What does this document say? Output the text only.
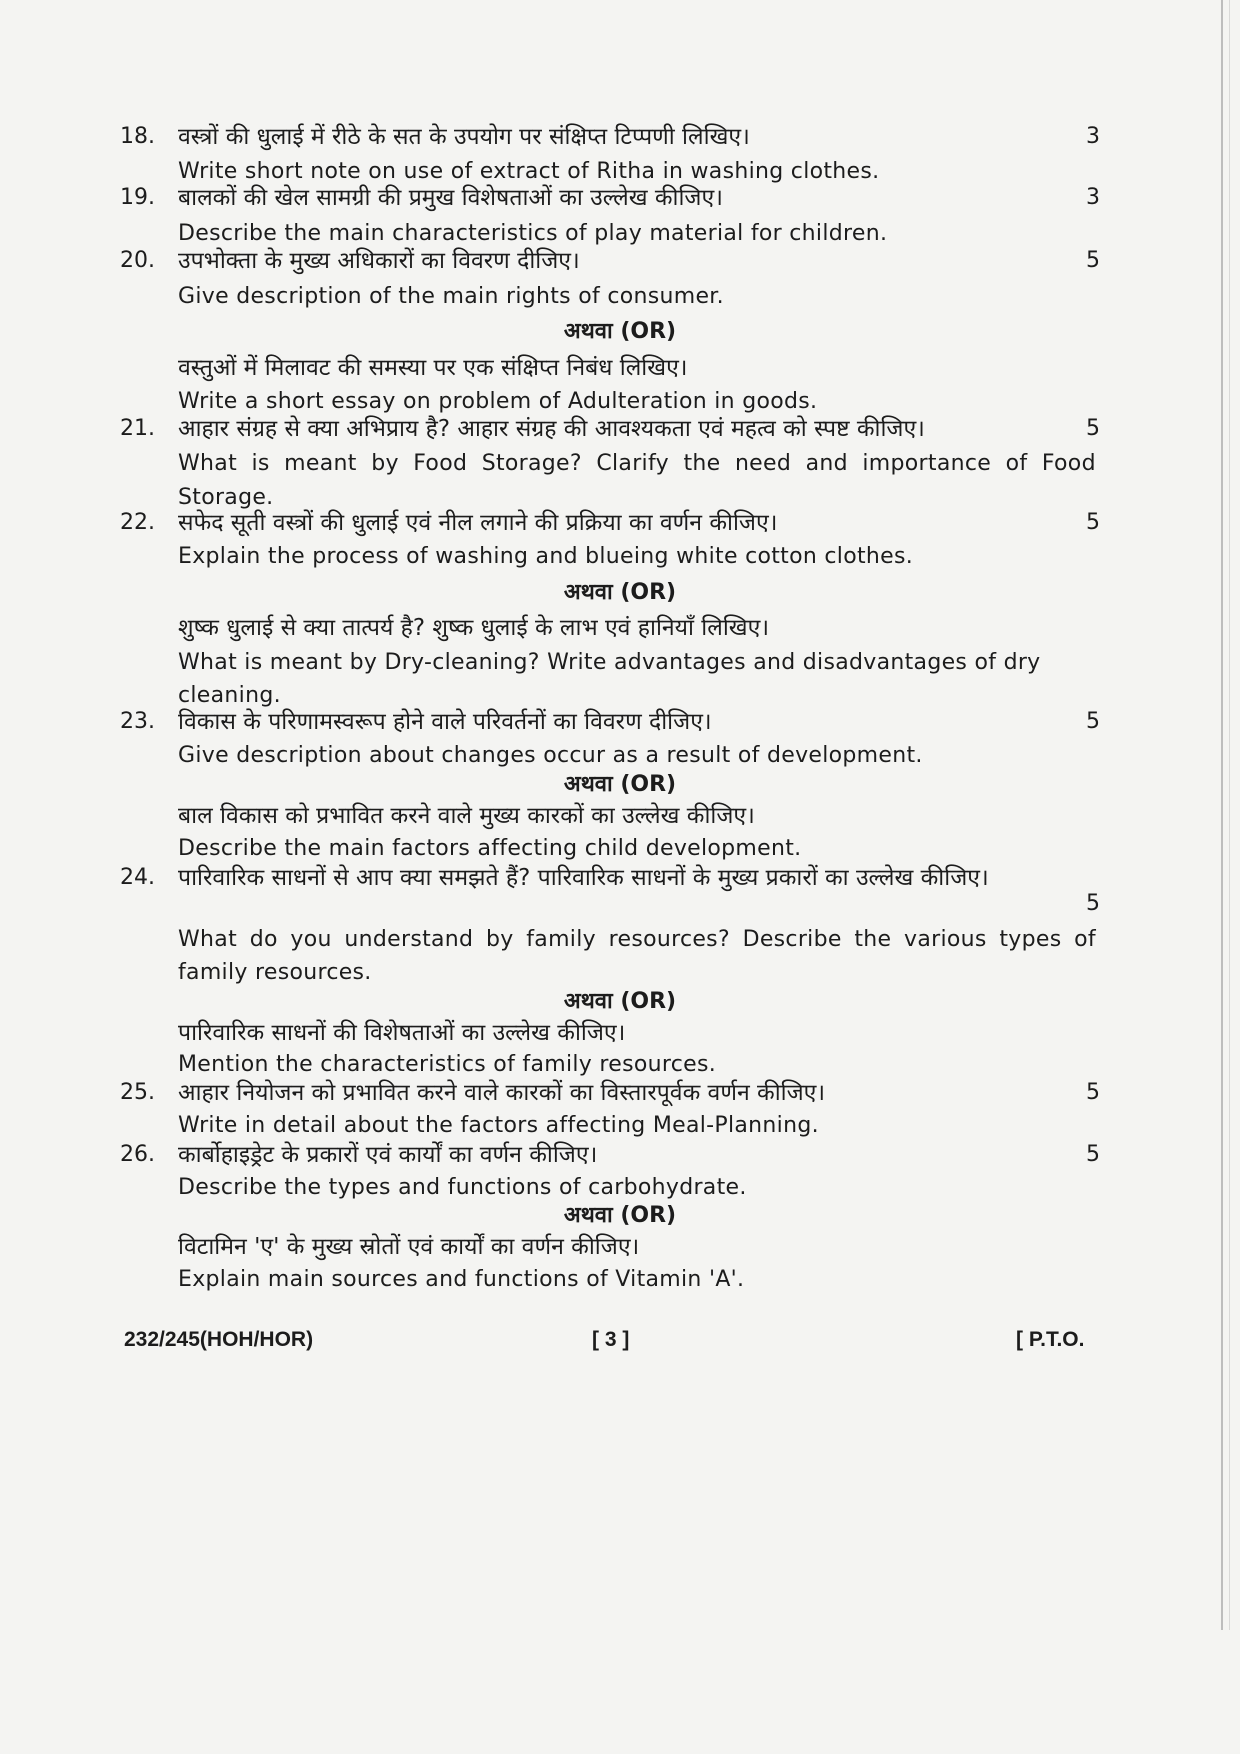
18.	वस्त्रों की धुलाई में रीठे के सत के उपयोग पर संक्षिप्त टिप्पणी लिखिए।	3
Write short note on use of extract of Ritha in washing clothes.
19.	बालकों की खेल सामग्री की प्रमुख विशेषताओं का उल्लेख कीजिए।	3
Describe the main characteristics of play material for children.
20.	उपभोक्ता के मुख्य अधिकारों का विवरण दीजिए।	5
Give description of the main rights of consumer.
अथवा (OR)
वस्तुओं में मिलावट की समस्या पर एक संक्षिप्त निबंध लिखिए।
Write a short essay on problem of Adulteration in goods.
21.	आहार संग्रह से क्या अभिप्राय है? आहार संग्रह की आवश्यकता एवं महत्व को स्पष्ट कीजिए।	5
What is meant by Food Storage? Clarify the need and importance of Food
Storage.
22.	सफेद सूती वस्त्रों की धुलाई एवं नील लगाने की प्रक्रिया का वर्णन कीजिए।	5
Explain the process of washing and blueing white cotton clothes.
अथवा (OR)
शुष्क धुलाई से क्या तात्पर्य है? शुष्क धुलाई के लाभ एवं हानियाँ लिखिए।
What is meant by Dry-cleaning? Write advantages and disadvantages of dry
cleaning.
23.	विकास के परिणामस्वरूप होने वाले परिवर्तनों का विवरण दीजिए।	5
Give description about changes occur as a result of development.
अथवा (OR)
बाल विकास को प्रभावित करने वाले मुख्य कारकों का उल्लेख कीजिए।
Describe the main factors affecting child development.
24.	पारिवारिक साधनों से आप क्या समझते हैं? पारिवारिक साधनों के मुख्य प्रकारों का उल्लेख कीजिए।
5
What do you understand by family resources? Describe the various types of
family resources.
अथवा (OR)
पारिवारिक साधनों की विशेषताओं का उल्लेख कीजिए।
Mention the characteristics of family resources.
25.	आहार नियोजन को प्रभावित करने वाले कारकों का विस्तारपूर्वक वर्णन कीजिए।	5
Write in detail about the factors affecting Meal-Planning.
26.	कार्बोहाइड्रेट के प्रकारों एवं कार्यों का वर्णन कीजिए।	5
Describe the types and functions of carbohydrate.
अथवा (OR)
विटामिन 'ए' के मुख्य स्रोतों एवं कार्यों का वर्णन कीजिए।
Explain main sources and functions of Vitamin 'A'.
232/245(HOH/HOR)	[ 3 ]	[ P.T.O.
